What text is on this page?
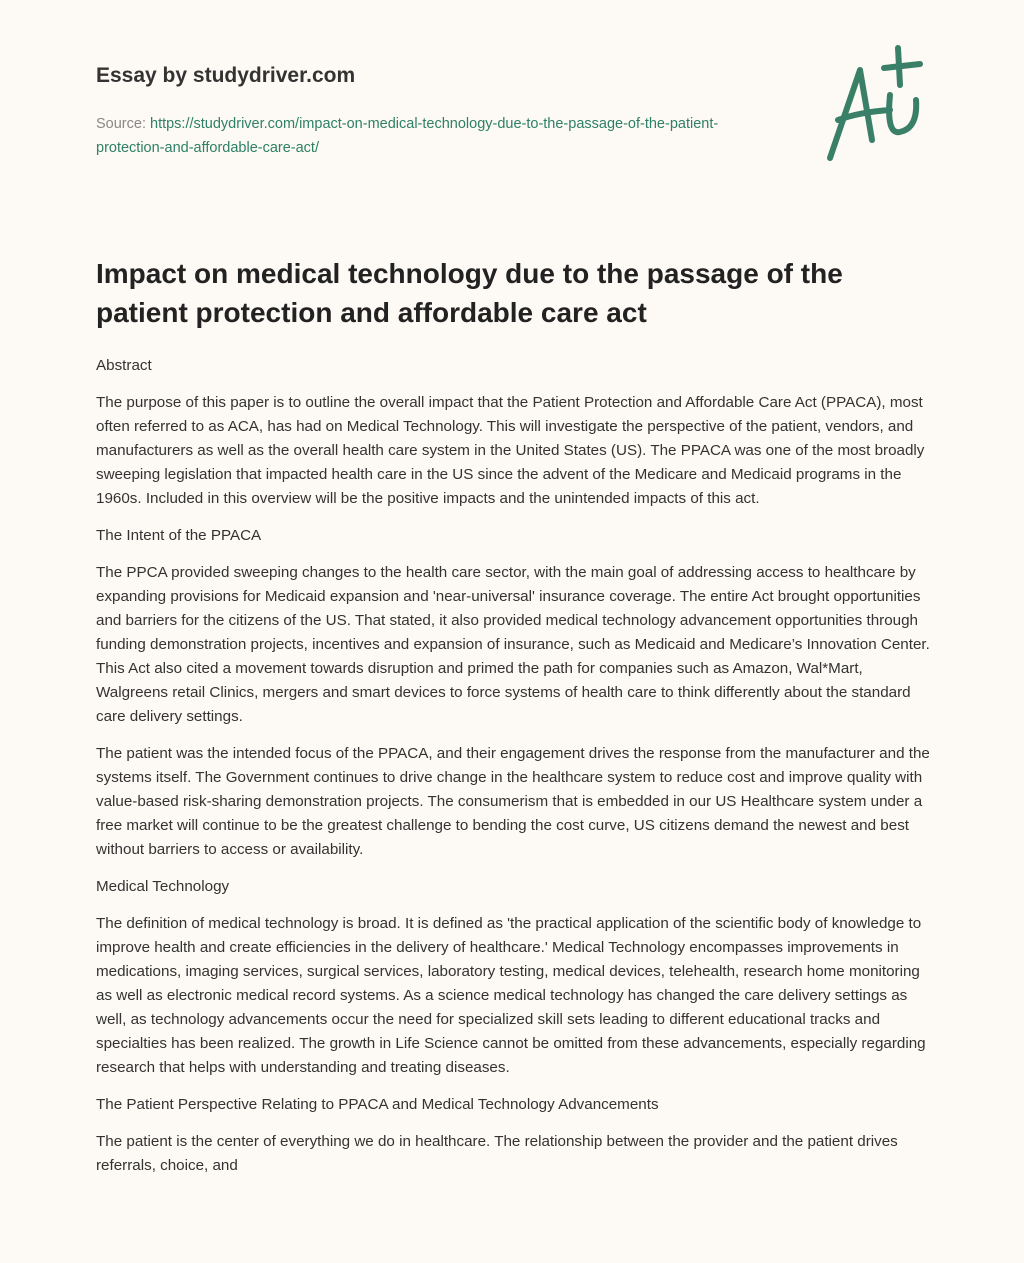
Essay by studydriver.com
Source: https://studydriver.com/impact-on-medical-technology-due-to-the-passage-of-the-patient-protection-and-affordable-care-act/
Impact on medical technology due to the passage of the patient protection and affordable care act

Abstract

The purpose of this paper is to outline the overall impact that the Patient Protection and Affordable Care Act (PPACA), most often referred to as ACA, has had on Medical Technology. This will investigate the perspective of the patient, vendors, and manufacturers as well as the overall health care system in the United States (US). The PPACA was one of the most broadly sweeping legislation that impacted health care in the US since the advent of the Medicare and Medicaid programs in the 1960s. Included in this overview will be the positive impacts and the unintended impacts of this act.

The Intent of the PPACA

The PPCA provided sweeping changes to the health care sector, with the main goal of addressing access to healthcare by expanding provisions for Medicaid expansion and 'near-universal' insurance coverage. The entire Act brought opportunities and barriers for the citizens of the US. That stated, it also provided medical technology advancement opportunities through funding demonstration projects, incentives and expansion of insurance, such as Medicaid and Medicare’s Innovation Center. This Act also cited a movement towards disruption and primed the path for companies such as Amazon, Wal*Mart, Walgreens retail Clinics, mergers and smart devices to force systems of health care to think differently about the standard care delivery settings.

The patient was the intended focus of the PPACA, and their engagement drives the response from the manufacturer and the systems itself. The Government continues to drive change in the healthcare system to reduce cost and improve quality with value-based risk-sharing demonstration projects. The consumerism that is embedded in our US Healthcare system under a free market will continue to be the greatest challenge to bending the cost curve, US citizens demand the newest and best without barriers to access or availability.

Medical Technology

The definition of medical technology is broad. It is defined as 'the practical application of the scientific body of knowledge to improve health and create efficiencies in the delivery of healthcare.' Medical Technology encompasses improvements in medications, imaging services, surgical services, laboratory testing, medical devices, telehealth, research home monitoring as well as electronic medical record systems. As a science medical technology has changed the care delivery settings as well, as technology advancements occur the need for specialized skill sets leading to different educational tracks and specialties has been realized. The growth in Life Science cannot be omitted from these advancements, especially regarding research that helps with understanding and treating diseases.

The Patient Perspective Relating to PPACA and Medical Technology Advancements

The patient is the center of everything we do in healthcare. The relationship between the provider and the patient drives referrals, choice, and
